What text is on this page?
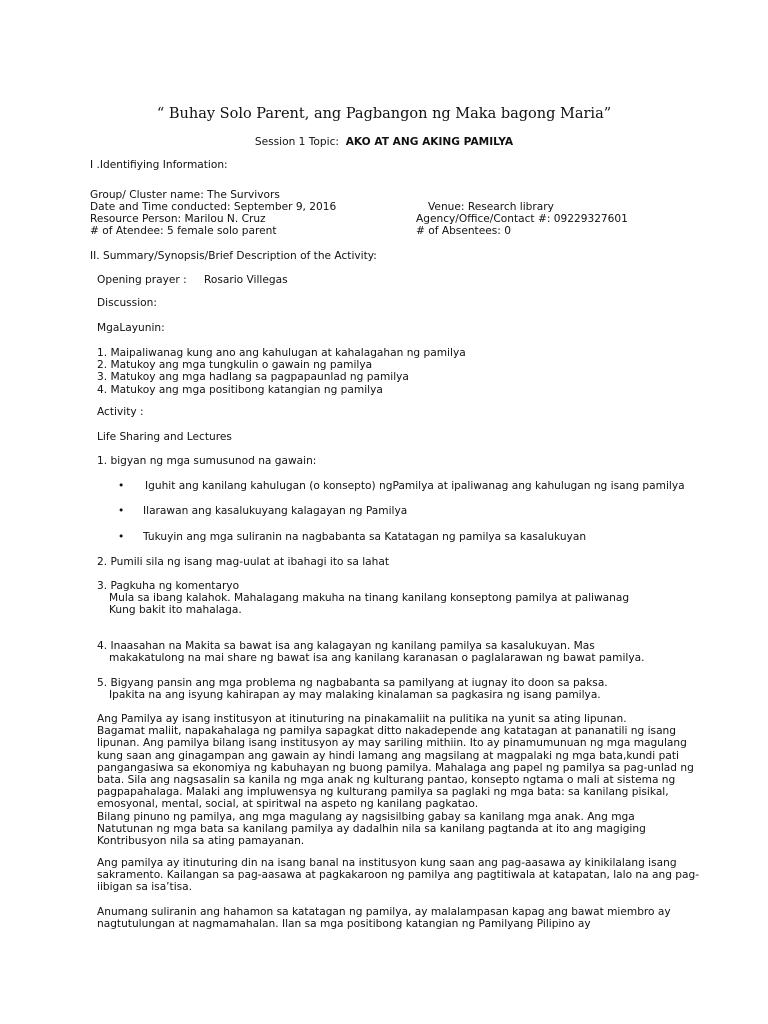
“ Buhay Solo Parent, ang Pagbangon ng Maka bagong Maria”
Session 1 Topic: AKO AT ANG AKING PAMILYA
I .Identifiying Information:
Group/ Cluster name: The Survivors
Date and Time conducted: September 9, 2016	Venue: Research library
Resource Person: Marilou N. Cruz	Agency/Office/Contact #: 09229327601
# of Atendee: 5 female solo parent	# of Absentees: 0
II. Summary/Synopsis/Brief Description of the Activity:
Opening prayer : Rosario Villegas
Discussion:
MgaLayunin:
1. Maipaliwanag kung ano ang kahulugan at kahalagahan ng pamilya
2. Matukoy ang mga tungkulin o gawain ng pamilya
3. Matukoy ang mga hadlang sa pagpapaunlad ng pamilya
4. Matukoy ang mga positibong katangian ng pamilya
Activity :
Life Sharing and Lectures
1. bigyan ng mga sumusunod na gawain:
• Iguhit ang kanilang kahulugan (o konsepto) ngPamilya at ipaliwanag ang kahulugan ng isang pamilya
• Ilarawan ang kasalukuyang kalagayan ng Pamilya
• Tukuyin ang mga suliranin na nagbabanta sa Katatagan ng pamilya sa kasalukuyan
2. Pumili sila ng isang mag-uulat at ibahagi ito sa lahat
3. Pagkuha ng komentaryo
Mula sa ibang kalahok. Mahalagang makuha na tinang kanilang konseptong pamilya at paliwanag
Kung bakit ito mahalaga.
4. Inaasahan na Makita sa bawat isa ang kalagayan ng kanilang pamilya sa kasalukuyan. Mas
makakatulong na mai share ng bawat isa ang kanilang karanasan o paglalarawan ng bawat pamilya.
5. Bigyang pansin ang mga problema ng nagbabanta sa pamilyang at iugnay ito doon sa paksa.
Ipakita na ang isyung kahirapan ay may malaking kinalaman sa pagkasira ng isang pamilya.
Ang Pamilya ay isang institusyon at itinuturing na pinakamaliit na pulitika na yunit sa ating lipunan.
Bagamat maliit, napakahalaga ng pamilya sapagkat ditto nakadepende ang katatagan at pananatili ng isang
lipunan. Ang pamilya bilang isang institusyon ay may sariling mithiin. Ito ay pinamumunuan ng mga magulang
kung saan ang ginagampan ang gawain ay hindi lamang ang magsilang at magpalaki ng mga bata,kundi pati
pangangasiwa sa ekonomiya ng kabuhayan ng buong pamilya. Mahalaga ang papel ng pamilya sa pag-unlad ng
bata. Sila ang nagsasalin sa kanila ng mga anak ng kulturang pantao, konsepto ngtama o mali at sistema ng
pagpapahalaga. Malaki ang impluwensya ng kulturang pamilya sa paglaki ng mga bata: sa kanilang pisikal,
emosyonal, mental, social, at spiritwal na aspeto ng kanilang pagkatao.
Bilang pinuno ng pamilya, ang mga magulang ay nagsisilbing gabay sa kanilang mga anak. Ang mga
Natutunan ng mga bata sa kanilang pamilya ay dadalhin nila sa kanilang pagtanda at ito ang magiging
Kontribusyon nila sa ating pamayanan.
Ang pamilya ay itinuturing din na isang banal na institusyon kung saan ang pag-aasawa ay kinikilalang isang
sakramento. Kailangan sa pag-aasawa at pagkakaroon ng pamilya ang pagtitiwala at katapatan, lalo na ang pag-
iibigan sa isa’tisa.
Anumang suliranin ang hahamon sa katatagan ng pamilya, ay malalampasan kapag ang bawat miembro ay
nagtutulungan at nagmamahalan. Ilan sa mga positibong katangian ng Pamilyang Pilipino ay
